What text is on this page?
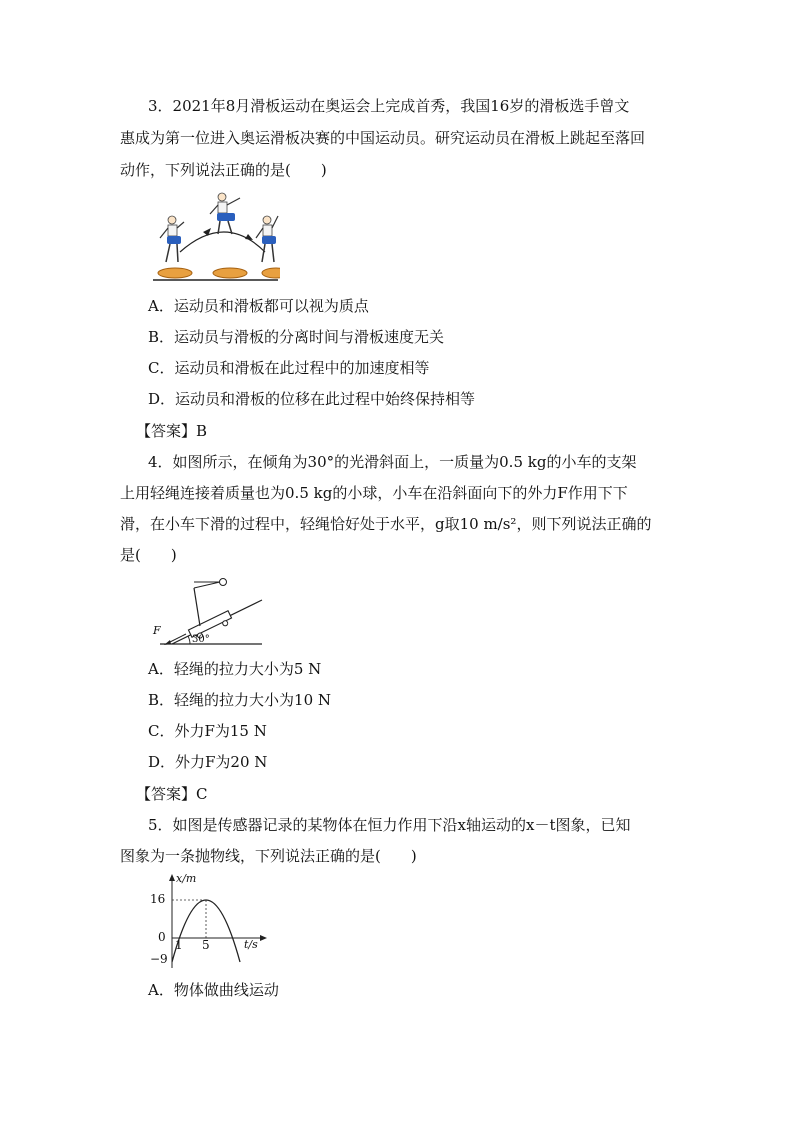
3．2021年8月滑板运动在奥运会上完成首秀，我国16岁的滑板选手曾文
惠成为第一位进入奥运滑板决赛的中国运动员。研究运动员在滑板上跳起至落回
动作，下列说法正确的是(　　)
A．运动员和滑板都可以视为质点
B．运动员与滑板的分离时间与滑板速度无关
C．运动员和滑板在此过程中的加速度相等
D．运动员和滑板的位移在此过程中始终保持相等
【答案】B
4．如图所示，在倾角为30°的光滑斜面上，一质量为0.5 kg的小车的支架
上用轻绳连接着质量也为0.5 kg的小球，小车在沿斜面向下的外力F作用下下
滑，在小车下滑的过程中，轻绳恰好处于水平，g取10 m/s²，则下列说法正确的
是(　　)
F
30°
A．轻绳的拉力大小为5 N
B．轻绳的拉力大小为10 N
C．外力F为15 N
D．外力F为20 N
【答案】C
5．如图是传感器记录的某物体在恒力作用下沿x轴运动的x－t图象，已知
图象为一条抛物线，下列说法正确的是(　　)
x/m
16
0
−9
1 5	t/s
A．物体做曲线运动
